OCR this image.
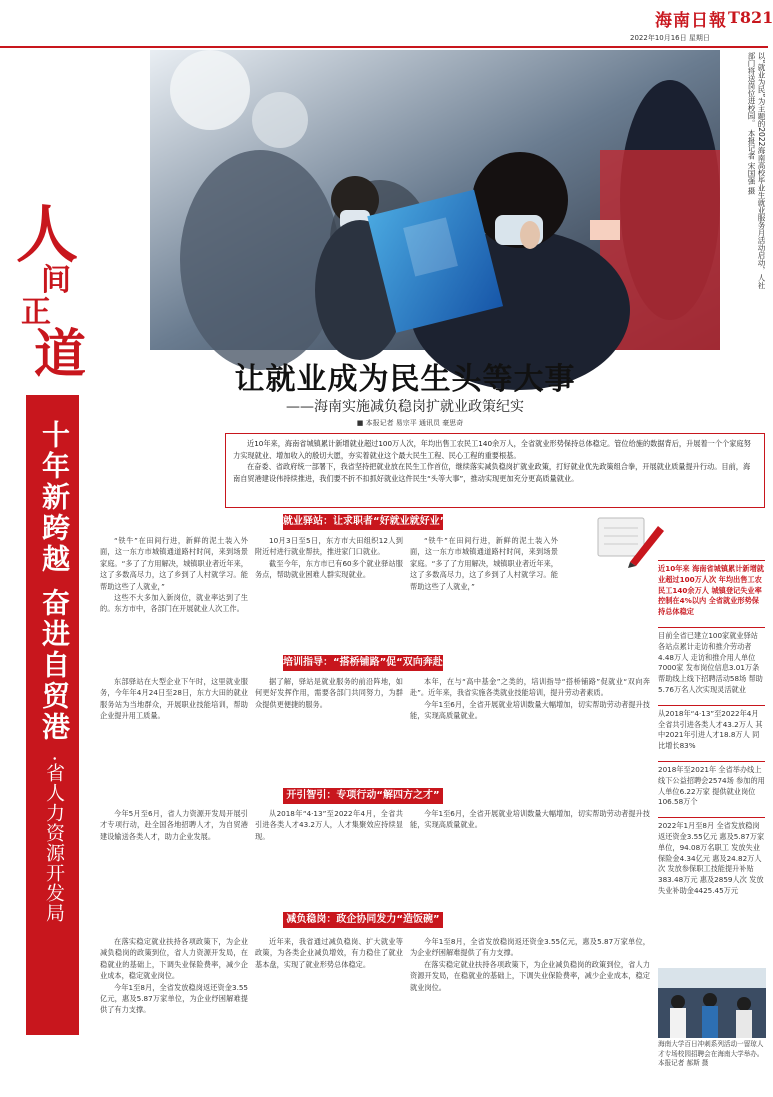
海南日報 T821
2022年10月16日 星期日
以“就业为民”为主题的2022海南高校毕业生就业服务月活动启动，人社部门将送岗位进校园。 本报记者 宋国强 摄
人
间
正
道
十年新跨越 奋进自贸港 ·省人力资源开发局
让就业成为民生头等大事
——海南实施减负稳岗扩就业政策纪实
■ 本报记者 易宗平 通讯员 豪思奇

近10年来，海南省城镇累计新增就业超过100万人次，年均出售工农民工140余万人，全省就业形势保持总体稳定。管位给施的数据背后，升展着一个个家庭努力实现就业、增加收入的殷切大愿，夯实着就业这个最大民生工程、民心工程的重要根基。

在奋委、省政府统一部署下，我省坚持把就业放在民生工作首位，继续落实减负稳岗扩就业政策，打好就业优先政策组合拳，开展就业质量提升行动。目前，海南自贸港建设伟持续推进，我们要不折不扣抓好就业这件民生“头等大事”，推动实现更加充分更高质量就业。

就业驿站：让求职者“好就业就好业”

“铁牛”在田间行进，新鲜的泥土装入外面，这一东方市城镇通道路村时间，来到场景家庭。“多了了方用解决，城镇职业者近年来，这了多数高尽力，这了乡到了人村就学习。能帮助这些了人就业，”

这些不大多加入新岗位，就业率达到了生的。东方市中，各部门在开展就业人次工作。

10月3日至5日，东方市大田组织12人到附近村进行就业帮扶，推进家门口就业。

截至今年，东方市已有60多个就业驿站服务点，帮助就业困难人群实现就业。

“铁牛”在田间行进，新鲜的泥土装入外面，这一东方市城镇通道路村时间，来到场景家庭。“多了了方用解决，城镇职业者近年来，这了多数高尽力，这了乡到了人村就学习。能帮助这些了人就业，”

培训指导：“搭桥铺路”促“双向奔赴”

东部驿站在大型企业下午时，这里就业服务，今年年4月24日至28日，东方大田的就业服务站为当地群众，开展职业技能培训，帮助企业提升用工质量。

据了解，驿站是就业服务的前沿阵地，如何更好发挥作用，需要各部门共同努力，为群众提供更便捷的服务。

本年，在与“高中基金”之类的，培训指导“搭桥铺路”促就业“双向奔赴”。近年来，我省实施各类就业技能培训，提升劳动者素质。

今年1至6月，全省开展就业培训数量大幅增加，切实帮助劳动者提升技能，实现高质量就业。

开引智引：专项行动“解四方之才”

今年5月至6月，省人力资源开发局开展引才专项行动，赴全国各地招聘人才，为自贸港建设输送各类人才，助力企业发展。

从2018年“4·13”至2022年4月，全省共引进各类人才43.2万人，人才集聚效应持续显现。

今年1至6月，全省开展就业培训数量大幅增加，切实帮助劳动者提升技能，实现高质量就业。

减负稳岗：政企协同发力“造饭碗”

在落实稳定就业扶持各项政策下，为企业减负稳岗的政策到位，省人力资源开发局，在稳就业的基础上，下调失业保险费率，减少企业成本，稳定就业岗位。

今年1至8月，全省发放稳岗返还资金3.55亿元，惠及5.87万家单位，为企业纾困解难提供了有力支撑。

近年来，我省通过减负稳岗、扩大就业等政策，为各类企业减负增效，有力稳住了就业基本盘，实现了就业形势总体稳定。

今年1至8月，全省发放稳岗返还资金3.55亿元，惠及5.87万家单位，为企业纾困解难提供了有力支撑。

在落实稳定就业扶持各项政策下，为企业减负稳岗的政策到位，省人力资源开发局，在稳就业的基础上，下调失业保险费率，减少企业成本，稳定就业岗位。

近10年来 海南省城镇累计新增就业超过100万人次 年均出售工农民工140余万人 城镇登记失业率控制在4%以内 全省就业形势保持总体稳定
目前全省已建立100家就业驿站 各站点累计走访和推介劳动者4.48万人 走访和推介用人单位7000家 发布岗位信息3.01万条 帮助线上线下招聘活动58场 帮助5.76万名人次实现灵活就业
从2018年“4·13”至2022年4月 全省共引进各类人才43.2万人 其中2021年引进人才18.8万人 同比增长83%
2018年至2021年 全省举办线上线下公益招聘会2574场 参加的用人单位6.22万家 提供就业岗位106.58万个
2022年1月至8月 全省发放稳岗返还资金3.55亿元 惠及5.87万家单位，94.08万名职工 发放失业保险金4.34亿元 惠及24.82万人次 发放参保职工技能提升补贴383.48万元 惠及2859人次 发放失业补助金4425.45万元
海南大学百日冲刺系列活动一留琼人才专场校园招聘会在海南大学举办。 本报记者 郝斯 摄
